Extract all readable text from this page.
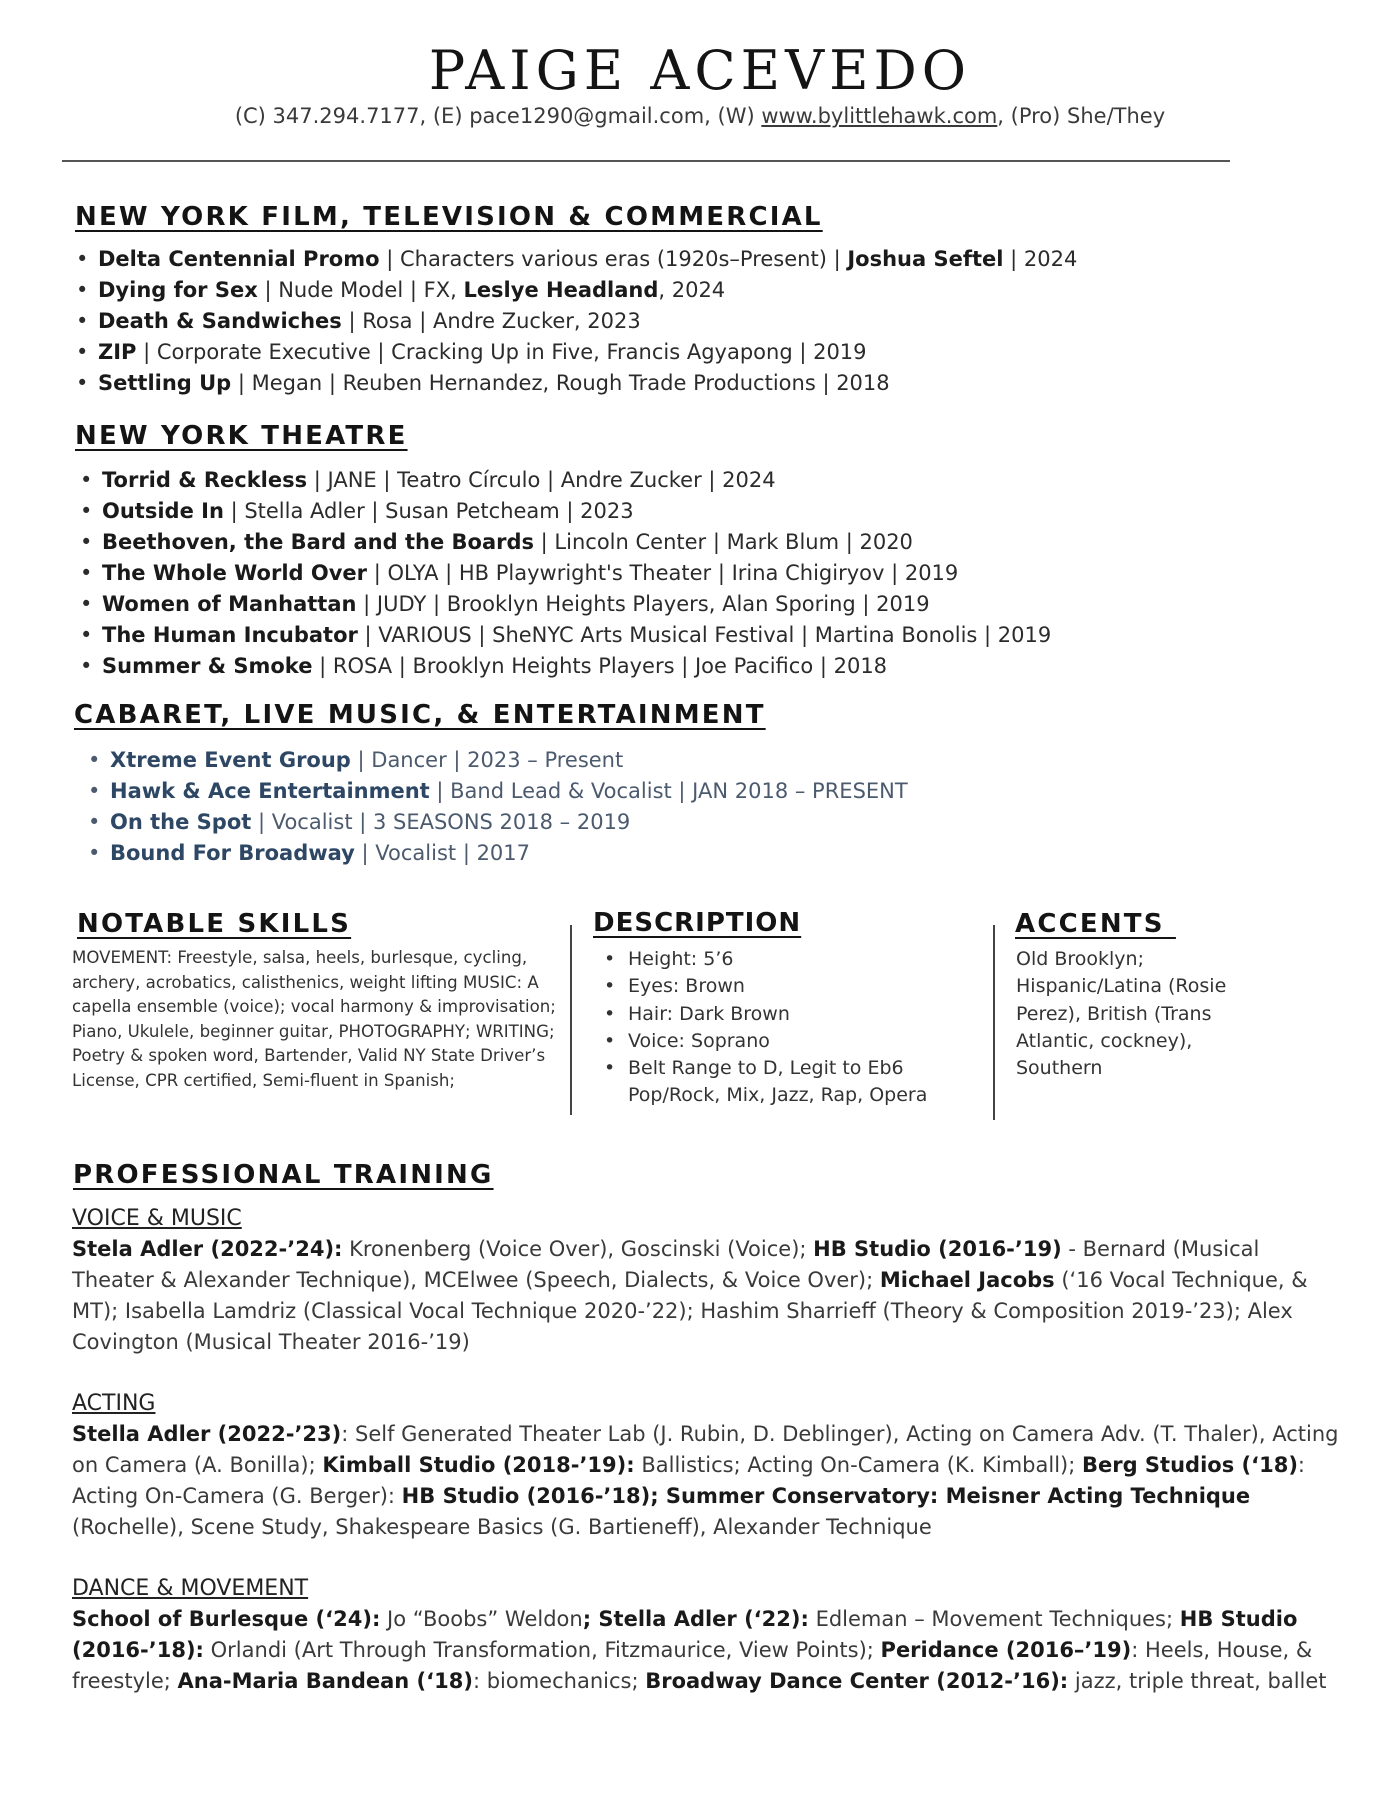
PAIGE ACEVEDO
(C) 347.294.7177, (E) pace1290@gmail.com, (W) www.bylittlehawk.com, (Pro) She/They
NEW YORK FILM, TELEVISION & COMMERCIAL
• Delta Centennial Promo | Characters various eras (1920s–Present) | Joshua Seftel | 2024
• Dying for Sex | Nude Model | FX, Leslye Headland, 2024
• Death & Sandwiches | Rosa | Andre Zucker, 2023
• ZIP | Corporate Executive | Cracking Up in Five, Francis Agyapong | 2019
• Settling Up | Megan | Reuben Hernandez, Rough Trade Productions | 2018
NEW YORK THEATRE
• Torrid & Reckless | JANE | Teatro Círculo | Andre Zucker | 2024
• Outside In | Stella Adler | Susan Petcheam | 2023
• Beethoven, the Bard and the Boards | Lincoln Center | Mark Blum | 2020
• The Whole World Over | OLYA | HB Playwright's Theater | Irina Chigiryov | 2019
• Women of Manhattan | JUDY | Brooklyn Heights Players, Alan Sporing | 2019
• The Human Incubator | VARIOUS | SheNYC Arts Musical Festival | Martina Bonolis | 2019
• Summer & Smoke | ROSA | Brooklyn Heights Players | Joe Pacifico | 2018
CABARET, LIVE MUSIC, & ENTERTAINMENT
• Xtreme Event Group | Dancer | 2023 – Present
• Hawk & Ace Entertainment | Band Lead & Vocalist | JAN 2018 – PRESENT
• On the Spot | Vocalist | 3 SEASONS 2018 – 2019
• Bound For Broadway | Vocalist | 2017
NOTABLE SKILLS
MOVEMENT: Freestyle, salsa, heels, burlesque, cycling, archery, acrobatics, calisthenics, weight lifting MUSIC: A capella ensemble (voice); vocal harmony & improvisation; Piano, Ukulele, beginner guitar, PHOTOGRAPHY; WRITING; Poetry & spoken word, Bartender, Valid NY State Driver’s License, CPR certified, Semi-fluent in Spanish;
DESCRIPTION
• Height: 5’6
• Eyes: Brown
• Hair: Dark Brown
• Voice: Soprano
• Belt Range to D, Legit to Eb6
Pop/Rock, Mix, Jazz, Rap, Opera
ACCENTS
Old Brooklyn; Hispanic/Latina (Rosie Perez), British (Trans Atlantic, cockney), Southern
PROFESSIONAL TRAINING
VOICE & MUSIC
Stela Adler (2022-’24): Kronenberg (Voice Over), Goscinski (Voice); HB Studio (2016-’19) - Bernard (Musical Theater & Alexander Technique), MCElwee (Speech, Dialects, & Voice Over); Michael Jacobs (‘16 Vocal Technique, & MT); Isabella Lamdriz (Classical Vocal Technique 2020-’22); Hashim Sharrieff (Theory & Composition 2019-’23); Alex Covington (Musical Theater 2016-’19)
ACTING
Stella Adler (2022-’23): Self Generated Theater Lab (J. Rubin, D. Deblinger), Acting on Camera Adv. (T. Thaler), Acting on Camera (A. Bonilla); Kimball Studio (2018-’19): Ballistics; Acting On-Camera (K. Kimball); Berg Studios (‘18): Acting On-Camera (G. Berger): HB Studio (2016-’18); Summer Conservatory: Meisner Acting Technique (Rochelle), Scene Study, Shakespeare Basics (G. Bartieneff), Alexander Technique
DANCE & MOVEMENT
School of Burlesque (‘24): Jo “Boobs” Weldon; Stella Adler (‘22): Edleman – Movement Techniques; HB Studio (2016-’18): Orlandi (Art Through Transformation, Fitzmaurice, View Points); Peridance (2016–’19): Heels, House, & freestyle; Ana-Maria Bandean (‘18): biomechanics; Broadway Dance Center (2012-’16): jazz, triple threat, ballet
